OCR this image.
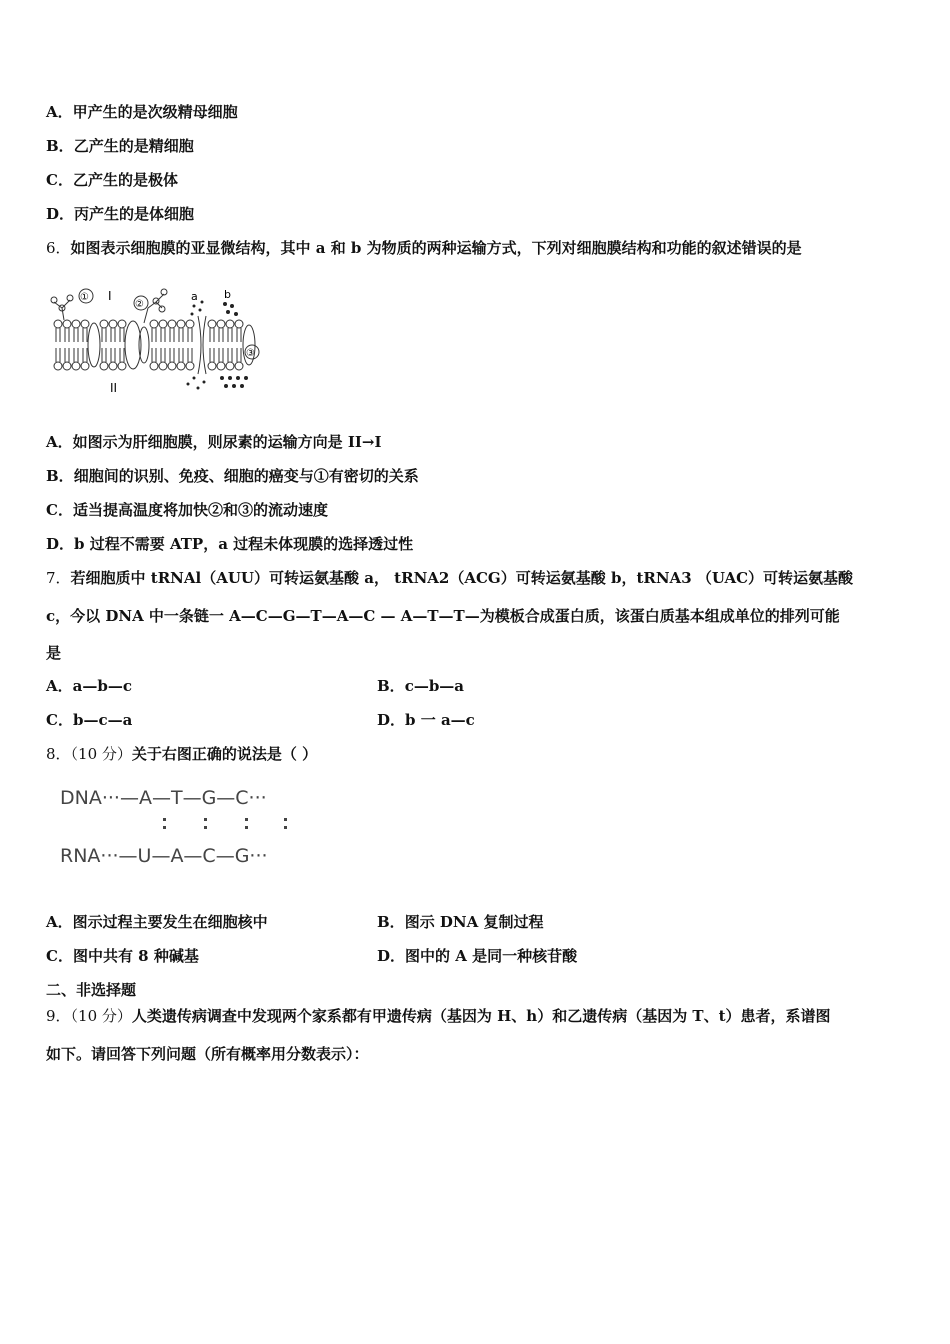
A．甲产生的是次级精母细胞
B．乙产生的是精细胞
C．乙产生的是极体
D．丙产生的是体细胞
6．如图表示细胞膜的亚显微结构，其中 a 和 b 为物质的两种运输方式，下列对细胞膜结构和功能的叙述错误的是
I
II
a b
①
②
③
A．如图示为肝细胞膜，则尿素的运输方向是 II→I
B．细胞间的识别、免疫、细胞的癌变与①有密切的关系
C．适当提高温度将加快②和③的流动速度
D．b 过程不需要 ATP，a 过程未体现膜的选择透过性
7．若细胞质中 tRNAl（AUU）可转运氨基酸 a， tRNA2（ACG）可转运氨基酸 b，tRNA3 （UAC）可转运氨基酸
c，今以 DNA 中一条链一 A—C—G—T—A—C — A—T—T—为模板合成蛋白质，该蛋白质基本组成单位的排列可能
是
A．a—b—c	B．c—b—a
C．b—c—a	D．b 一 a—c
8．（10 分）关于右图正确的说法是（ ）
DNA···—A—T—G—C···
RNA···—U—A—C—G···
A．图示过程主要发生在细胞核中	B．图示 DNA 复制过程
C．图中共有 8 种碱基	D．图中的 A 是同一种核苷酸
二、非选择题
9．（10 分）人类遗传病调查中发现两个家系都有甲遗传病（基因为 H、h）和乙遗传病（基因为 T、t）患者，系谱图
如下。请回答下列问题（所有概率用分数表示）：
